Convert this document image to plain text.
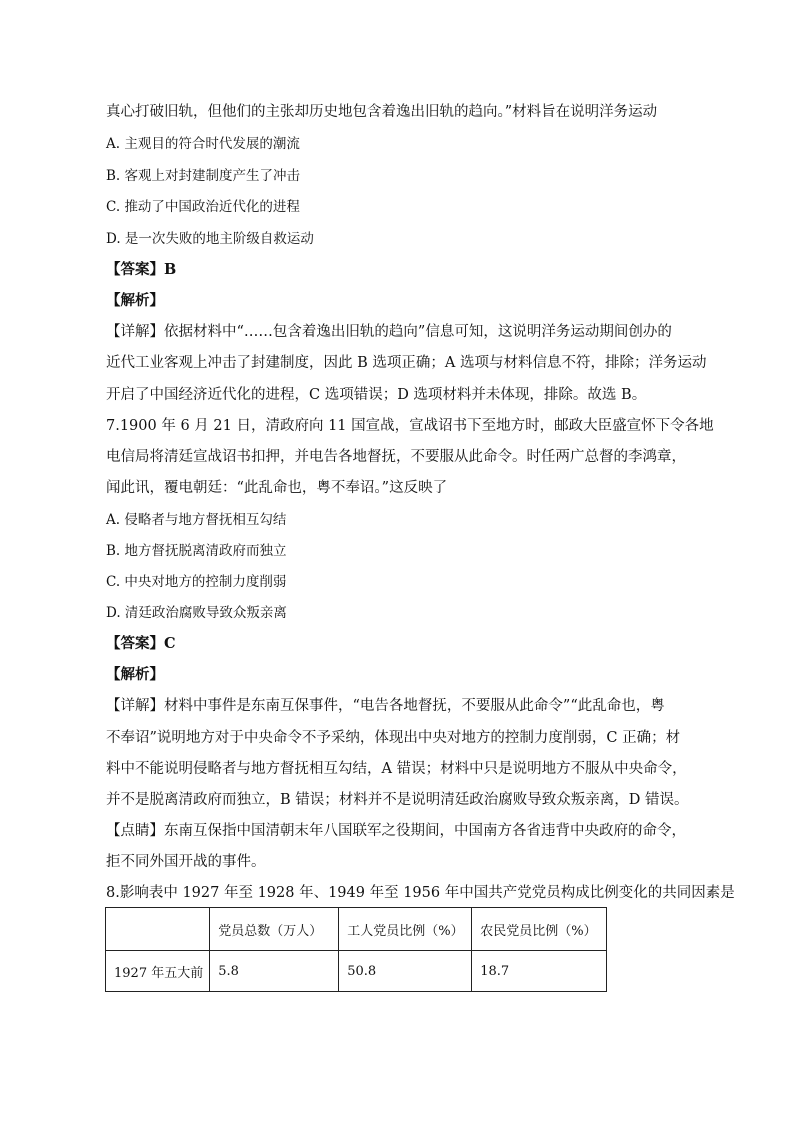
真心打破旧轨，但他们的主张却历史地包含着逸出旧轨的趋向。”材料旨在说明洋务运动
A. 主观目的符合时代发展的潮流
B. 客观上对封建制度产生了冲击
C. 推动了中国政治近代化的进程
D. 是一次失败的地主阶级自救运动
【答案】B
【解析】
【详解】依据材料中“……包含着逸出旧轨的趋向”信息可知，这说明洋务运动期间创办的
近代工业客观上冲击了封建制度，因此 B 选项正确；A 选项与材料信息不符，排除；洋务运动
开启了中国经济近代化的进程，C 选项错误；D 选项材料并未体现，排除。故选 B。
7.1900 年 6 月 21 日，清政府向 11 国宣战，宣战诏书下至地方时，邮政大臣盛宣怀下令各地
电信局将清廷宣战诏书扣押，并电告各地督抚，不要服从此命令。时任两广总督的李鸿章，
闻此讯，覆电朝廷：“此乱命也，粤不奉诏。”这反映了
A. 侵略者与地方督抚相互勾结
B. 地方督抚脱离清政府而独立
C. 中央对地方的控制力度削弱
D. 清廷政治腐败导致众叛亲离
【答案】C
【解析】
【详解】材料中事件是东南互保事件，“电告各地督抚，不要服从此命令”“此乱命也，粤
不奉诏”说明地方对于中央命令不予采纳，体现出中央对地方的控制力度削弱，C 正确；材
料中不能说明侵略者与地方督抚相互勾结，A 错误；材料中只是说明地方不服从中央命令，
并不是脱离清政府而独立，B 错误；材料并不是说明清廷政治腐败导致众叛亲离，D 错误。
【点睛】东南互保指中国清朝末年八国联军之役期间，中国南方各省违背中央政府的命令，
拒不同外国开战的事件。
8.影响表中 1927 年至 1928 年、1949 年至 1956 年中国共产党党员构成比例变化的共同因素是
	党员总数（万人）	工人党员比例（%）	农民党员比例（%）
1927 年五大前	5.8	50.8	18.7
